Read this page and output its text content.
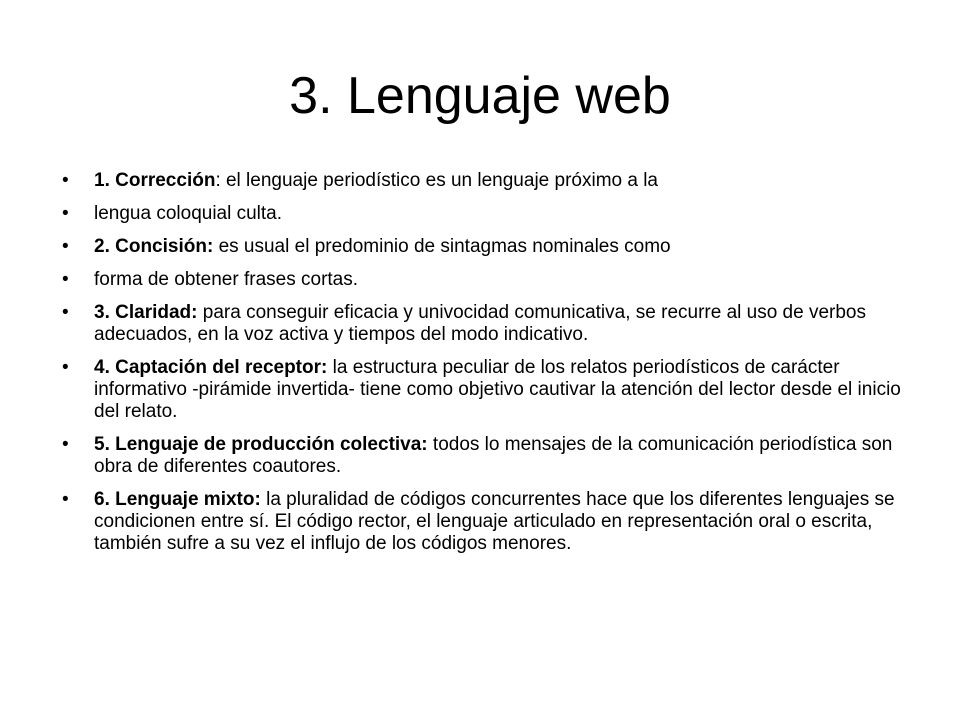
3. Lenguaje web
•	1. Corrección: el lenguaje periodístico es un lenguaje próximo a la
•	lengua coloquial culta.
•	2. Concisión: es usual el predominio de sintagmas nominales como
•	forma de obtener frases cortas.
•	3. Claridad: para conseguir eficacia y univocidad comunicativa, se recurre al uso de verbos adecuados, en la voz activa y tiempos del modo indicativo.
•	4. Captación del receptor: la estructura peculiar de los relatos periodísticos de carácter informativo -pirámide invertida- tiene como objetivo cautivar la atención del lector desde el inicio del relato.
•	5. Lenguaje de producción colectiva: todos lo mensajes de la comunicación periodística son obra de diferentes coautores.
•	6. Lenguaje mixto: la pluralidad de códigos concurrentes hace que los diferentes lenguajes se condicionen entre sí. El código rector, el lenguaje articulado en representación oral o escrita, también sufre a su vez el influjo de los códigos menores.
